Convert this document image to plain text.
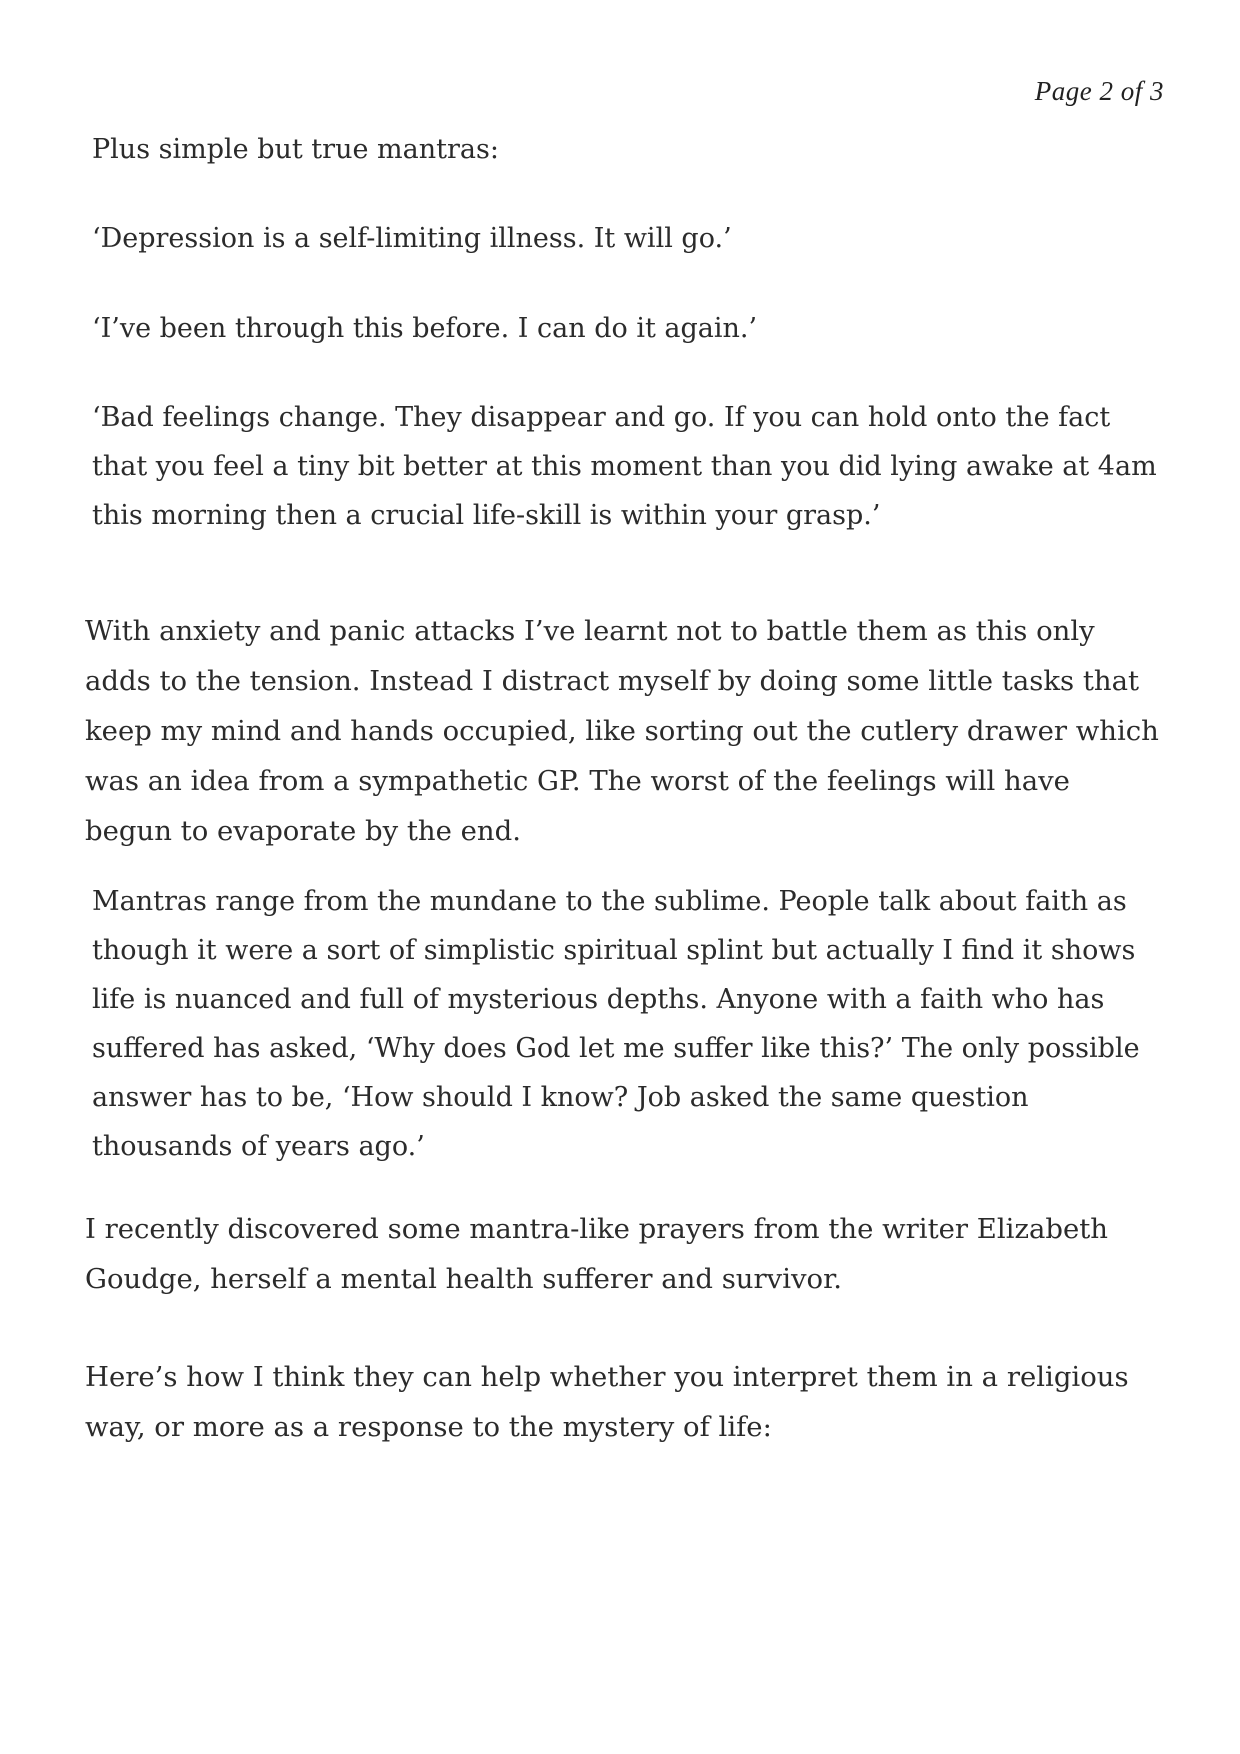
Page 2 of 3

Plus simple but true mantras:

‘Depression is a self-limiting illness. It will go.’

‘I’ve been through this before. I can do it again.’

‘Bad feelings change. They disappear and go. If you can hold onto the fact that you feel a tiny bit better at this moment than you did lying awake at 4am this morning then a crucial life-skill is within your grasp.’

With anxiety and panic attacks I’ve learnt not to battle them as this only adds to the tension. Instead I distract myself by doing some little tasks that keep my mind and hands occupied, like sorting out the cutlery drawer which was an idea from a sympathetic GP. The worst of the feelings will have begun to evaporate by the end.

Mantras range from the mundane to the sublime. People talk about faith as though it were a sort of simplistic spiritual splint but actually I find it shows life is nuanced and full of mysterious depths. Anyone with a faith who has suffered has asked, ‘Why does God let me suffer like this?’ The only possible answer has to be, ‘How should I know? Job asked the same question thousands of years ago.’

I recently discovered some mantra-like prayers from the writer Elizabeth Goudge, herself a mental health sufferer and survivor.

Here’s how I think they can help whether you interpret them in a religious way, or more as a response to the mystery of life:
